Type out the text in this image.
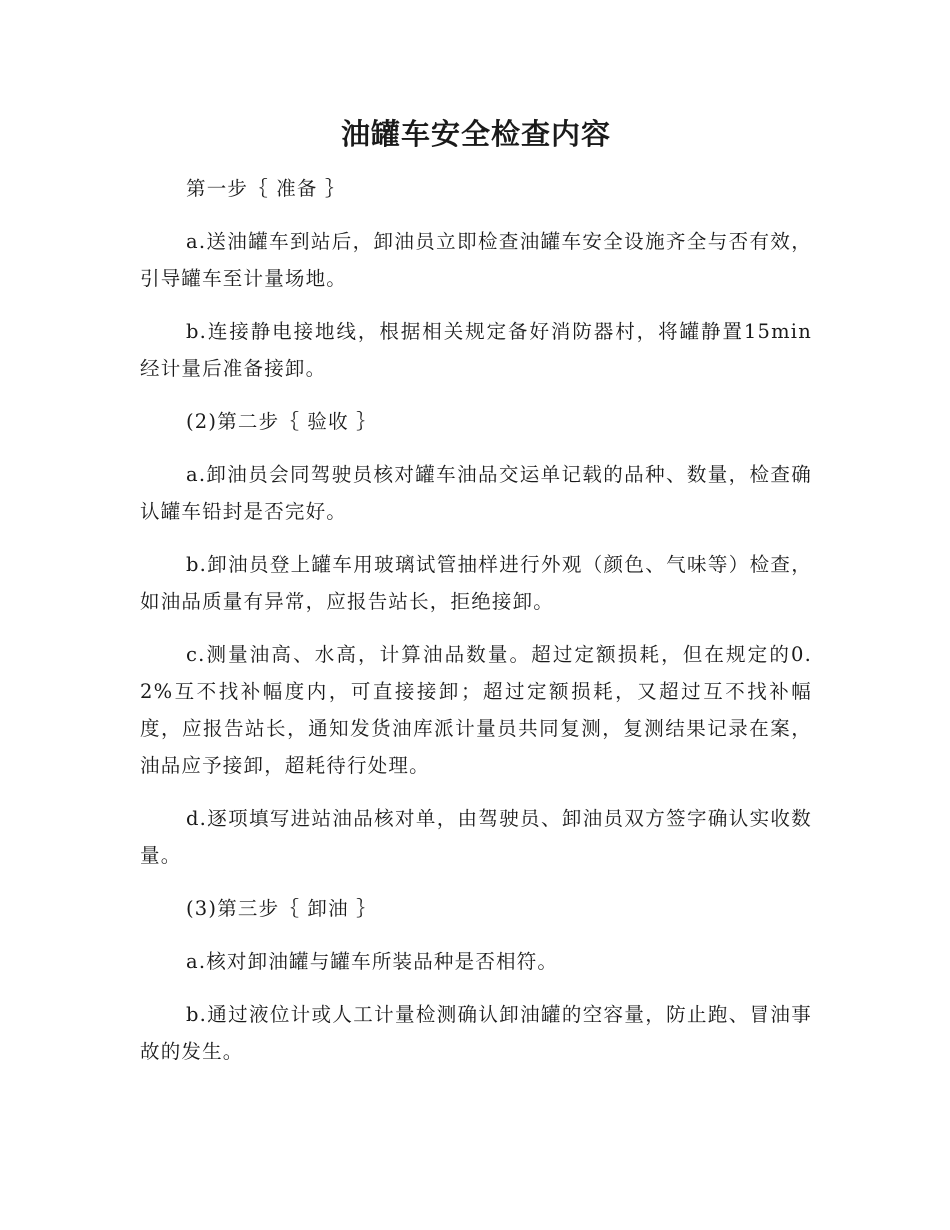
油罐车安全检查内容

第一步｛ 准备 ｝

a.送油罐车到站后，卸油员立即检查油罐车安全设施齐全与否有效，引导罐车至计量场地。

b.连接静电接地线，根据相关规定备好消防器村，将罐静置15min经计量后准备接卸。

(2)第二步｛ 验收 ｝

a.卸油员会同驾驶员核对罐车油品交运单记载的品种、数量，检查确认罐车铅封是否完好。

b.卸油员登上罐车用玻璃试管抽样进行外观（颜色、气味等）检查，如油品质量有异常，应报告站长，拒绝接卸。

c.测量油高、水高，计算油品数量。超过定额损耗，但在规定的0.2%互不找补幅度内，可直接接卸；超过定额损耗，又超过互不找补幅度，应报告站长，通知发货油库派计量员共同复测，复测结果记录在案，油品应予接卸，超耗待行处理。

d.逐项填写进站油品核对单，由驾驶员、卸油员双方签字确认实收数量。

(3)第三步｛ 卸油 ｝

a.核对卸油罐与罐车所装品种是否相符。

b.通过液位计或人工计量检测确认卸油罐的空容量，防止跑、冒油事故的发生。
